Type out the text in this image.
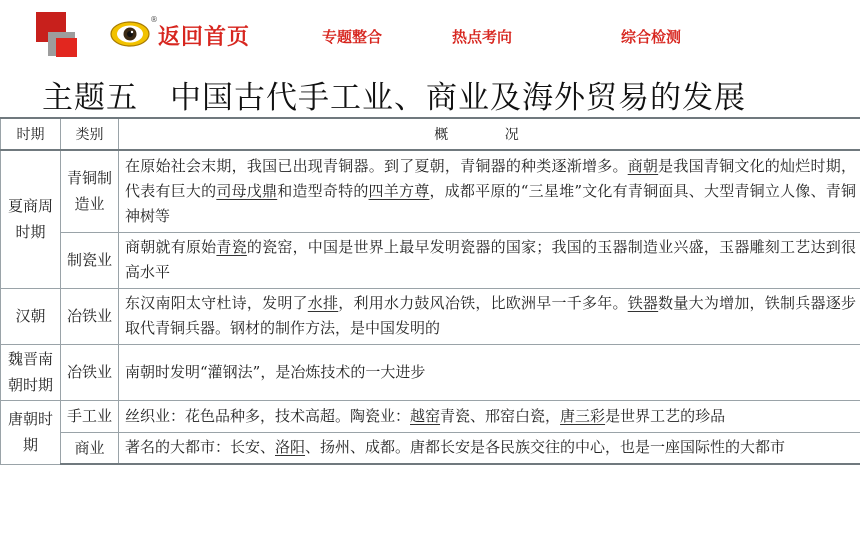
®
返回首页	专题整合	热点考向	综合检测
主题五　中国古代手工业、商业及海外贸易的发展
时期	类别	概 况
夏商周时期	青铜制造业	在原始社会末期，我国已出现青铜器。到了夏朝，青铜器的种类逐渐增多。商朝是我国青铜文化的灿烂时期，代表有巨大的司母戊鼎和造型奇特的四羊方尊，成都平原的“三星堆”文化有青铜面具、大型青铜立人像、青铜神树等
	制瓷业	商朝就有原始青瓷的瓷窑，中国是世界上最早发明瓷器的国家；我国的玉器制造业兴盛，玉器雕刻工艺达到很高水平
汉朝	冶铁业	东汉南阳太守杜诗，发明了水排，利用水力鼓风冶铁，比欧洲早一千多年。铁器数量大为增加，铁制兵器逐步取代青铜兵器。钢材的制作方法，是中国发明的
魏晋南朝时期	冶铁业	南朝时发明“灌钢法”，是冶炼技术的一大进步
唐朝时期	手工业	丝织业：花色品种多，技术高超。陶瓷业：越窑青瓷、邢窑白瓷，唐三彩是世界工艺的珍品
	商业	著名的大都市：长安、洛阳、扬州、成都。唐都长安是各民族交往的中心，也是一座国际性的大都市
